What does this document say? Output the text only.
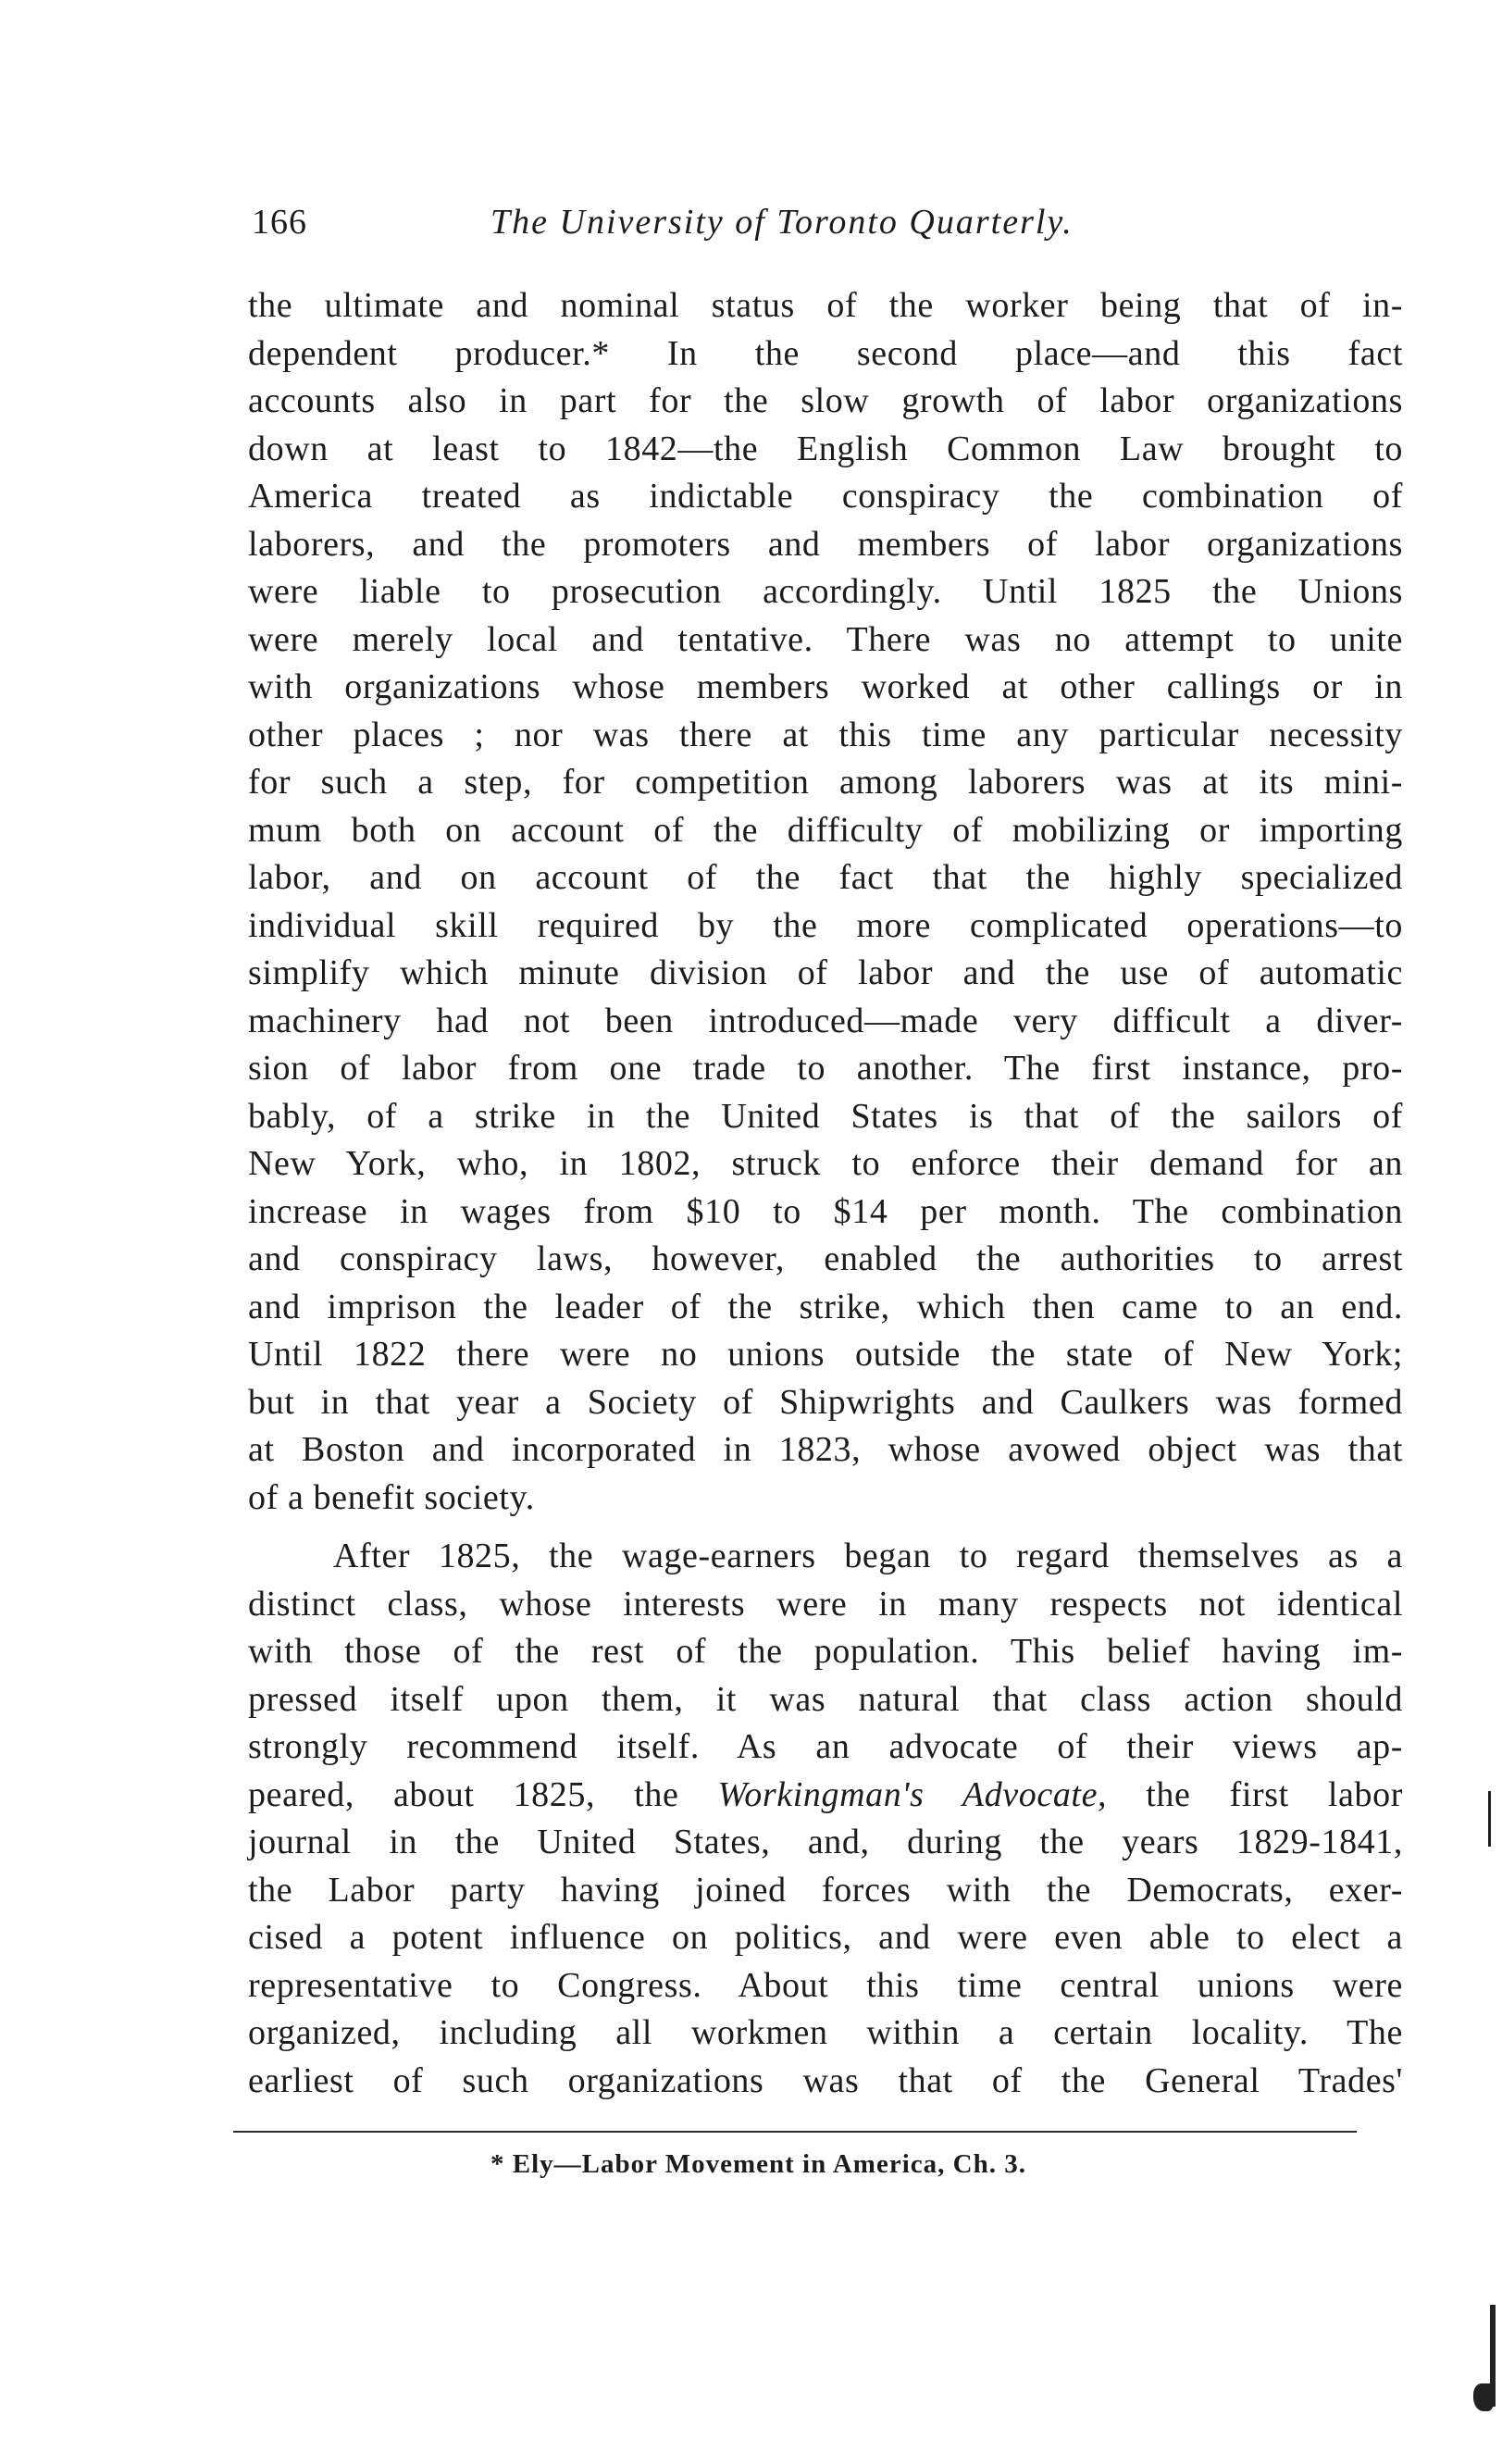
166	The University of Toronto Quarterly.
the ultimate and nominal status of the worker being that of in-
dependent producer.* In the second place—and this fact
accounts also in part for the slow growth of labor organizations
down at least to 1842—the English Common Law brought to
America treated as indictable conspiracy the combination of
laborers, and the promoters and members of labor organizations
were liable to prosecution accordingly. Until 1825 the Unions
were merely local and tentative. There was no attempt to unite
with organizations whose members worked at other callings or in
other places ; nor was there at this time any particular necessity
for such a step, for competition among laborers was at its mini-
mum both on account of the difficulty of mobilizing or importing
labor, and on account of the fact that the highly specialized
individual skill required by the more complicated operations—to
simplify which minute division of labor and the use of automatic
machinery had not been introduced—made very difficult a diver-
sion of labor from one trade to another. The first instance, pro-
bably, of a strike in the United States is that of the sailors of
New York, who, in 1802, struck to enforce their demand for an
increase in wages from $10 to $14 per month. The combination
and conspiracy laws, however, enabled the authorities to arrest
and imprison the leader of the strike, which then came to an end.
Until 1822 there were no unions outside the state of New York;
but in that year a Society of Shipwrights and Caulkers was formed
at Boston and incorporated in 1823, whose avowed object was that
of a benefit society.
After 1825, the wage-earners began to regard themselves as a
distinct class, whose interests were in many respects not identical
with those of the rest of the population. This belief having im-
pressed itself upon them, it was natural that class action should
strongly recommend itself. As an advocate of their views ap-
peared, about 1825, the Workingman's Advocate, the first labor
journal in the United States, and, during the years 1829-1841,
the Labor party having joined forces with the Democrats, exer-
cised a potent influence on politics, and were even able to elect a
representative to Congress. About this time central unions were
organized, including all workmen within a certain locality. The
earliest of such organizations was that of the General Trades'
* Ely—Labor Movement in America, Ch. 3.
